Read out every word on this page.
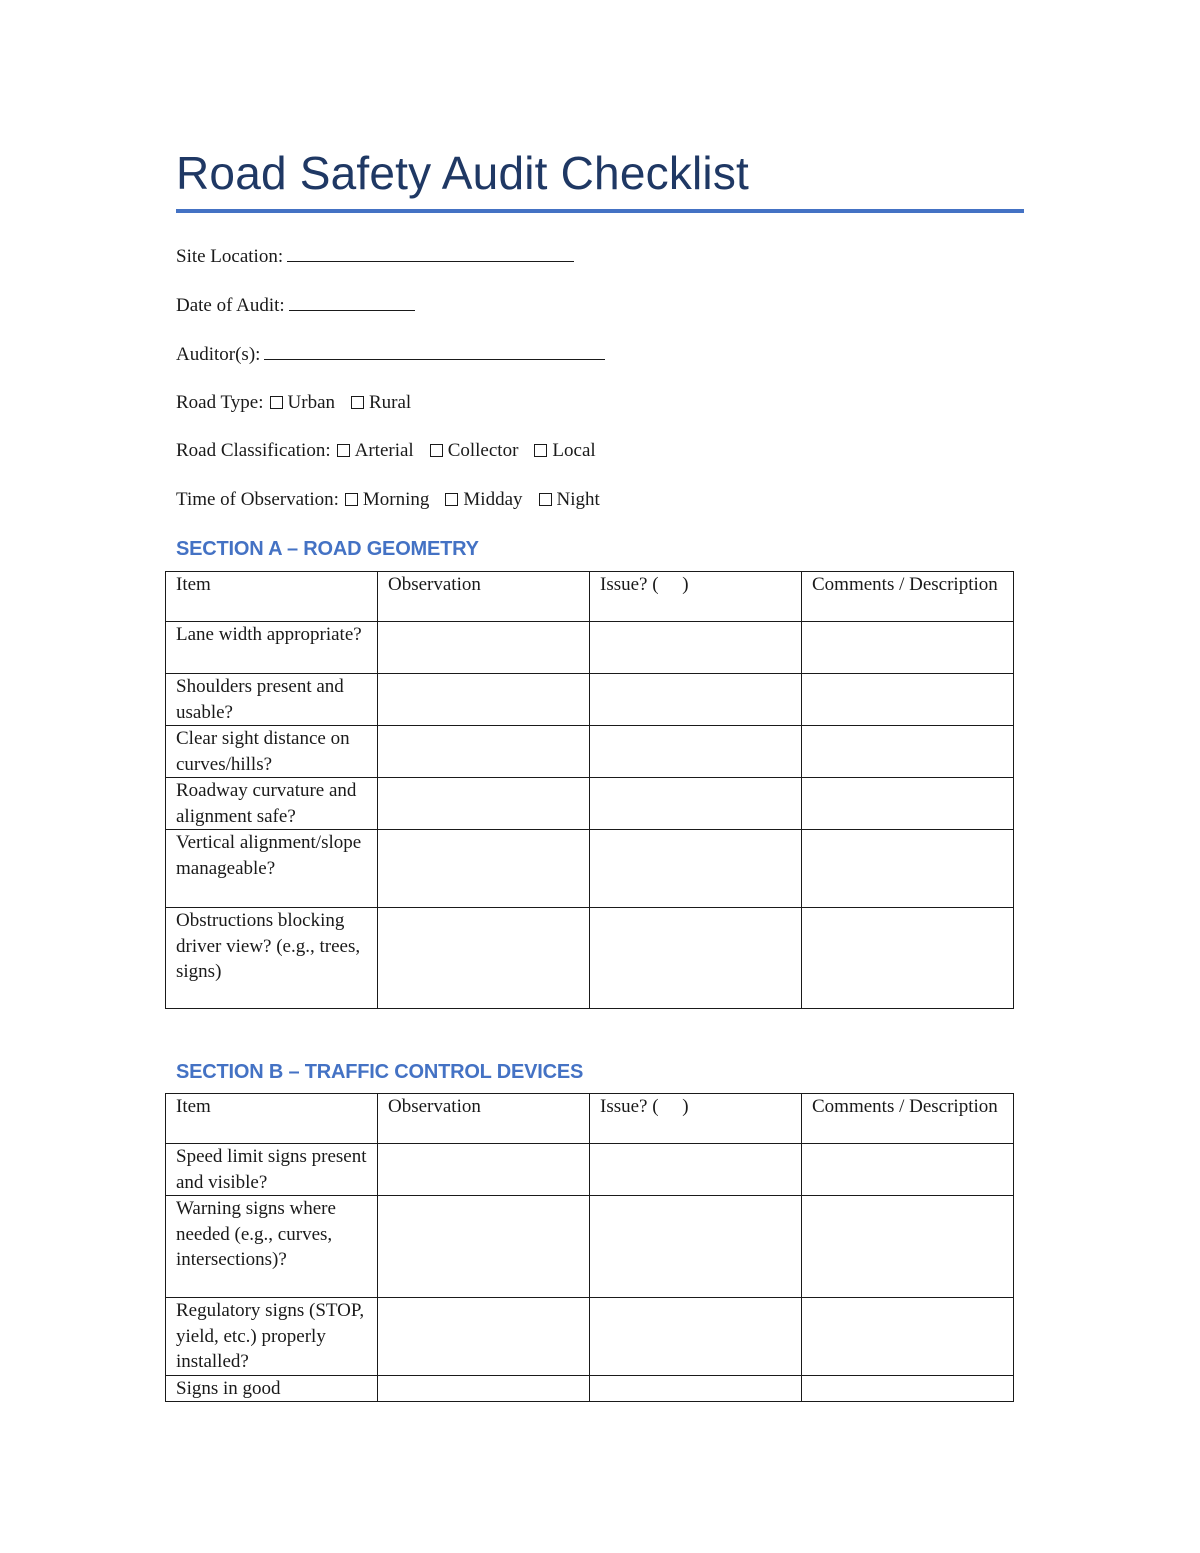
Road Safety Audit Checklist
Site Location:
Date of Audit:
Auditor(s):
Road Type: Urban Rural
Road Classification: Arterial Collector Local
Time of Observation: Morning Midday Night
SECTION A – ROAD GEOMETRY
Item	Observation	Issue? (     )	Comments / Description
Lane width appropriate?			
Shoulders present and usable?			
Clear sight distance on curves/hills?			
Roadway curvature and alignment safe?			
Vertical alignment/slope manageable?			
Obstructions blocking driver view? (e.g., trees, signs)			
SECTION B – TRAFFIC CONTROL DEVICES
Item	Observation	Issue? (     )	Comments / Description
Speed limit signs present and visible?			
Warning signs where needed (e.g., curves, intersections)?			
Regulatory signs (STOP, yield, etc.) properly installed?			
Signs in good			
